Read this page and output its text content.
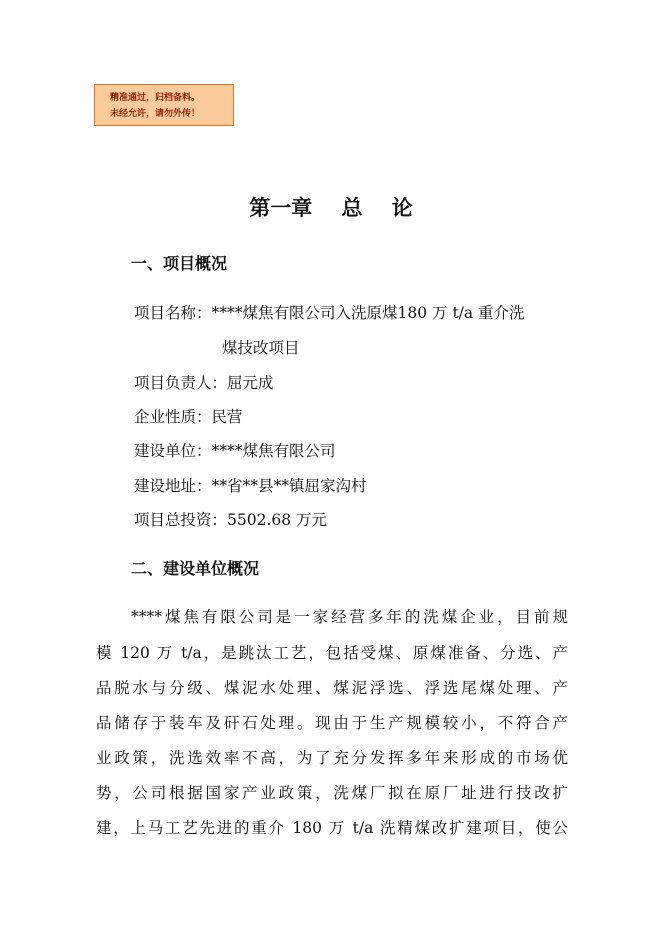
精准通过，归档备料。
未经允许，请勿外传！
第一章    总    论
一、项目概况
项目名称：****煤焦有限公司入洗原煤180 万 t/a 重介洗
煤技改项目
项目负责人：屈元成
企业性质：民营
建设单位：****煤焦有限公司
建设地址：**省**县**镇屈家沟村
项目总投资：5502.68 万元
二、建设单位概况
****煤焦有限公司是一家经营多年的洗煤企业，目前规
模 120 万 t/a，是跳汰工艺，包括受煤、原煤准备、分选、产
品脱水与分级、煤泥水处理、煤泥浮选、浮选尾煤处理、产
品储存于装车及矸石处理。现由于生产规模较小，不符合产
业政策，洗选效率不高，为了充分发挥多年来形成的市场优
势，公司根据国家产业政策，洗煤厂拟在原厂址进行技改扩
建，上马工艺先进的重介 180 万 t/a 洗精煤改扩建项目，使公
